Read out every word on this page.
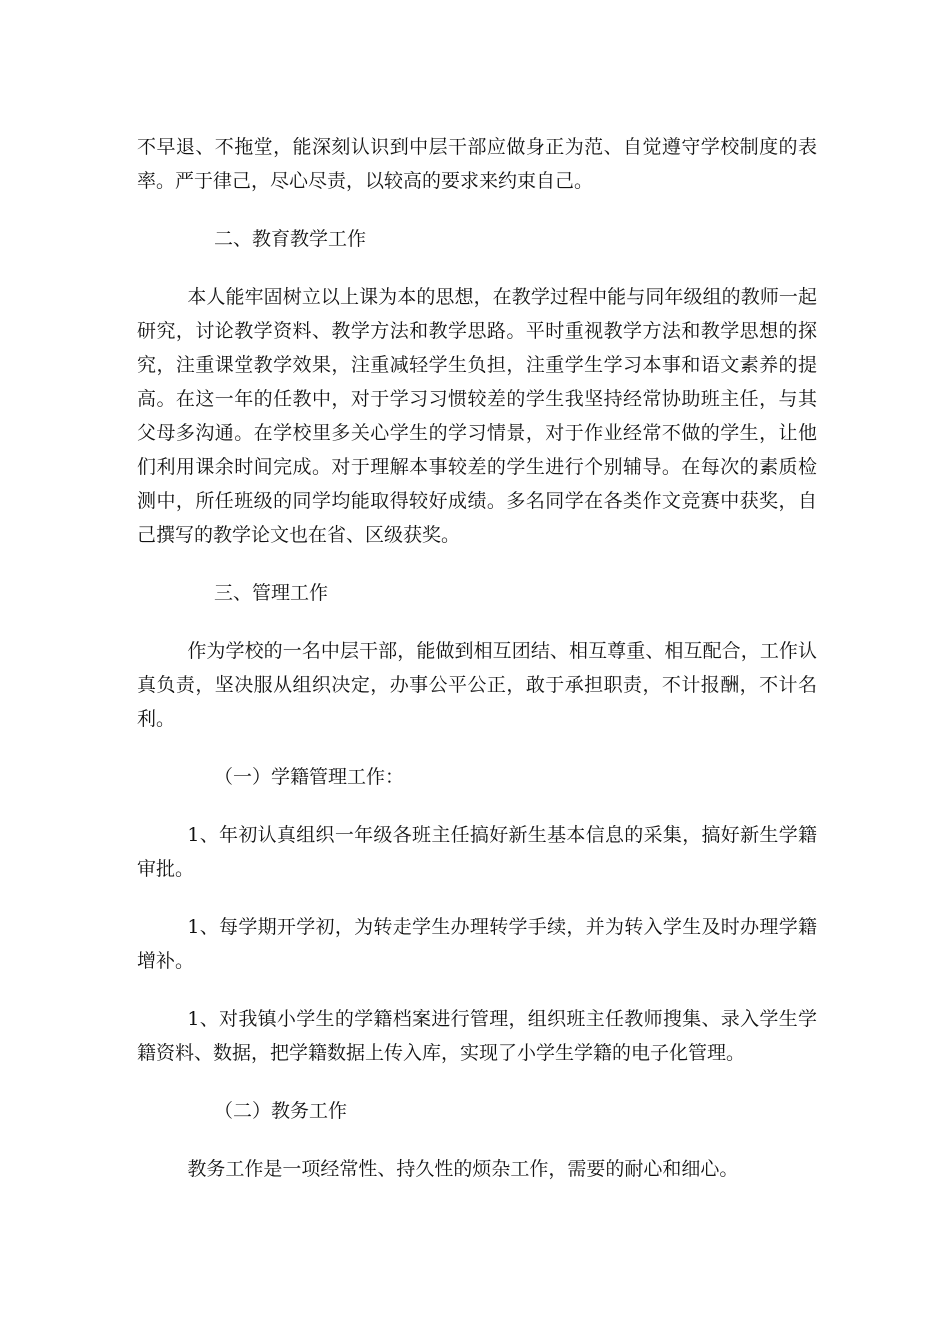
不早退、不拖堂，能深刻认识到中层干部应做身正为范、自觉遵守学校制度的表率。严于律己，尽心尽责，以较高的要求来约束自己。

二、教育教学工作

本人能牢固树立以上课为本的思想，在教学过程中能与同年级组的教师一起研究，讨论教学资料、教学方法和教学思路。平时重视教学方法和教学思想的探究，注重课堂教学效果，注重减轻学生负担，注重学生学习本事和语文素养的提高。在这一年的任教中，对于学习习惯较差的学生我坚持经常协助班主任，与其父母多沟通。在学校里多关心学生的学习情景，对于作业经常不做的学生，让他们利用课余时间完成。对于理解本事较差的学生进行个别辅导。在每次的素质检测中，所任班级的同学均能取得较好成绩。多名同学在各类作文竞赛中获奖，自己撰写的教学论文也在省、区级获奖。

三、管理工作

作为学校的一名中层干部，能做到相互团结、相互尊重、相互配合，工作认真负责，坚决服从组织决定，办事公平公正，敢于承担职责，不计报酬，不计名利。

（一）学籍管理工作：

1、年初认真组织一年级各班主任搞好新生基本信息的采集，搞好新生学籍审批。

1、每学期开学初，为转走学生办理转学手续，并为转入学生及时办理学籍增补。

1、对我镇小学生的学籍档案进行管理，组织班主任教师搜集、录入学生学籍资料、数据，把学籍数据上传入库，实现了小学生学籍的电子化管理。

（二）教务工作

教务工作是一项经常性、持久性的烦杂工作，需要的耐心和细心。
